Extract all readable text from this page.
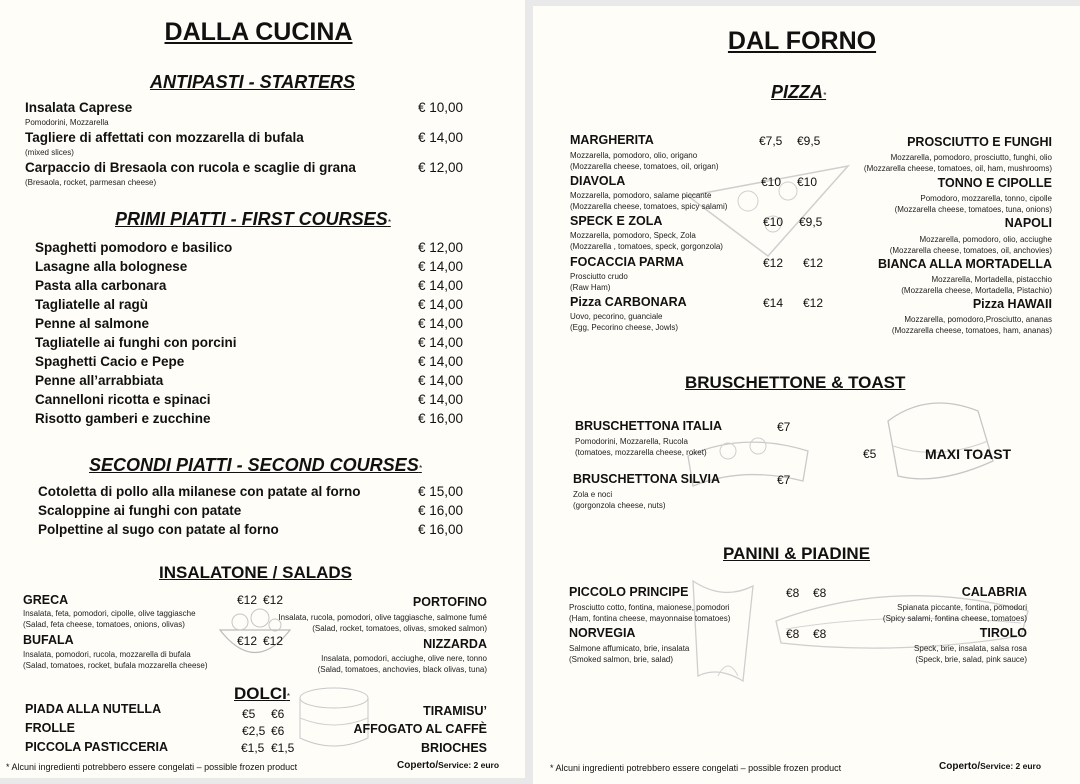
DALLA CUCINA
ANTIPASTI - STARTERS
Insalata Caprese
Pomodorini, Mozzarella
€ 10,00
Tagliere di affettati con mozzarella di bufala
(mixed slices)
€ 14,00
Carpaccio di Bresaola con rucola e scaglie di grana
(Bresaola, rocket, parmesan cheese)
€ 12,00
PRIMI PIATTI - FIRST COURSES*
Spaghetti pomodoro e basilico	€ 12,00
Lasagne alla bolognese	€ 14,00
Pasta alla carbonara	€ 14,00
Tagliatelle al ragù	€ 14,00
Penne al salmone	€ 14,00
Tagliatelle ai funghi con porcini	€ 14,00
Spaghetti Cacio e Pepe	€ 14,00
Penne all’arrabbiata	€ 14,00
Cannelloni ricotta e spinaci	€ 14,00
Risotto gamberi e zucchine	€ 16,00
SECONDI PIATTI - SECOND COURSES*
Cotoletta di pollo alla milanese con patate al forno	€ 15,00
Scaloppine ai funghi con patate	€ 16,00
Polpettine al sugo con patate al forno	€ 16,00
INSALATONE / SALADS
GRECA	€12 €12
Insalata, feta, pomodori, cipolle, olive taggiasche
(Salad, feta cheese, tomatoes, onions, olivas)
BUFALA	€12 €12
Insalata, pomodori, rucola, mozzarella di bufala
(Salad, tomatoes, rocket, bufala mozzarella cheese)
PORTOFINO
Insalata, rucola, pomodori, olive taggiasche, salmone fumé
(Salad, rocket, tomatoes, olivas, smoked salmon)
NIZZARDA
Insalata, pomodori, acciughe, olive nere, tonno
(Salad, tomatoes, anchovies, black olivas, tuna)
DOLCI*
PIADA ALLA NUTELLA	€5 €6
FROLLE	€2,5 €6
PICCOLA PASTICCERIA	€1,5 €1,5
TIRAMISU’
AFFOGATO AL CAFFÈ
BRIOCHES
* Alcuni ingredienti potrebbero essere congelati – possible frozen product	Coperto/Service: 2 euro
DAL FORNO
PIZZA*
MARGHERITA	€7,5 €9,5
Mozzarella, pomodoro, olio, origano
(Mozzarella cheese, tomatoes, oil, origan)
DIAVOLA	€10 €10
Mozzarella, pomodoro, salame piccante
(Mozzarella cheese, tomatoes, spicy salami)
SPECK E ZOLA	€10 €9,5
Mozzarella, pomodoro, Speck, Zola
(Mozzarella , tomatoes, speck, gorgonzola)
FOCACCIA PARMA	€12 €12
Prosciutto crudo
(Raw Ham)
Pizza CARBONARA	€14 €12
Uovo, pecorino, guanciale
(Egg, Pecorino cheese, Jowls)
PROSCIUTTO E FUNGHI
Mozzarella, pomodoro, prosciutto, funghi, olio
(Mozzarella cheese, tomatoes, oil, ham, mushrooms)
TONNO E CIPOLLE
Pomodoro, mozzarella, tonno, cipolle
(Mozzarella cheese, tomatoes, tuna, onions)
NAPOLI
Mozzarella, pomodoro, olio, acciughe
(Mozzarella cheese, tomatoes, oil, anchovies)
BIANCA ALLA MORTADELLA
Mozzarella, Mortadella, pistacchio
(Mozzarella cheese, Mortadella, Pistachio)
Pizza HAWAII
Mozzarella, pomodoro,Prosciutto, ananas
(Mozzarella cheese, tomatoes, ham, ananas)
BRUSCHETTONE & TOAST
BRUSCHETTONA ITALIA	€7
Pomodorini, Mozzarella, Rucola
(tomatoes, mozzarella cheese, roket)
BRUSCHETTONA SILVIA	€7
Zola e noci
(gorgonzola cheese, nuts)
€5	MAXI TOAST
PANINI & PIADINE
PICCOLO PRINCIPE	€8 €8
Prosciutto cotto, fontina, maionese, pomodori
(Ham, fontina cheese, mayonnaise tomatoes)
NORVEGIA	€8 €8
Salmone affumicato, brie, insalata
(Smoked salmon, brie, salad)
CALABRIA
Spianata piccante, fontina, pomodori
(Spicy salami, fontina cheese, tomatoes)
TIROLO
Speck, brie, insalata, salsa rosa
(Speck, brie, salad, pink sauce)
* Alcuni ingredienti potrebbero essere congelati – possible frozen product	Coperto/Service: 2 euro
